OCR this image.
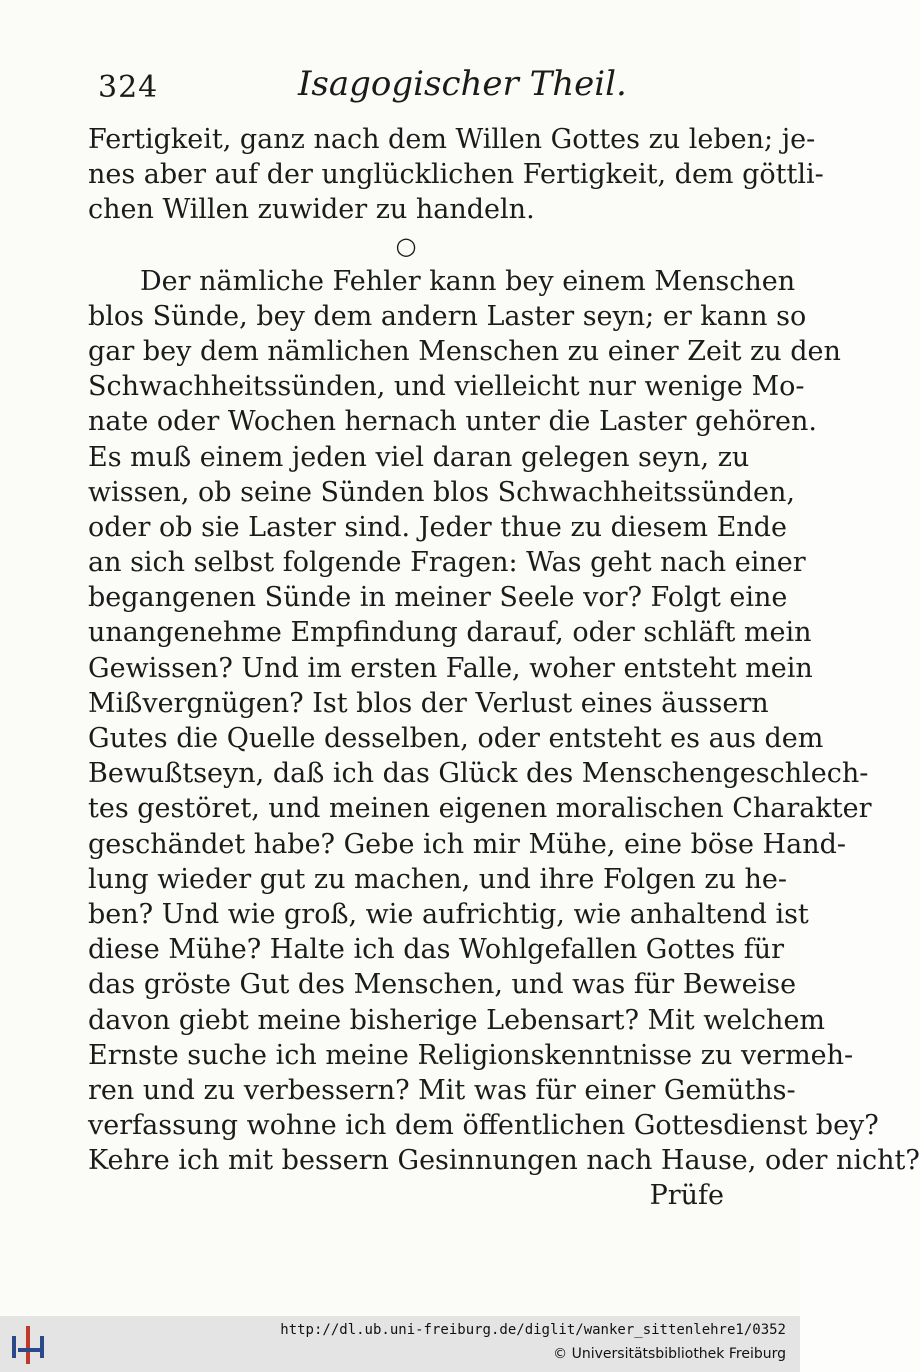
324	Isagogischer Theil.
Fertigkeit, ganz nach dem Willen Gottes zu leben; je-
nes aber auf der unglücklichen Fertigkeit, dem göttli-
chen Willen zuwider zu handeln.
○
Der nämliche Fehler kann bey einem Menschen
blos Sünde, bey dem andern Laster seyn; er kann so
gar bey dem nämlichen Menschen zu einer Zeit zu den
Schwachheitssünden, und vielleicht nur wenige Mo-
nate oder Wochen hernach unter die Laster gehören.
Es muß einem jeden viel daran gelegen seyn, zu
wissen, ob seine Sünden blos Schwachheitssünden,
oder ob sie Laster sind. Jeder thue zu diesem Ende
an sich selbst folgende Fragen: Was geht nach einer
begangenen Sünde in meiner Seele vor? Folgt eine
unangenehme Empfindung darauf, oder schläft mein
Gewissen? Und im ersten Falle, woher entsteht mein
Mißvergnügen? Ist blos der Verlust eines äussern
Gutes die Quelle desselben, oder entsteht es aus dem
Bewußtseyn, daß ich das Glück des Menschengeschlech-
tes gestöret, und meinen eigenen moralischen Charakter
geschändet habe? Gebe ich mir Mühe, eine böse Hand-
lung wieder gut zu machen, und ihre Folgen zu he-
ben? Und wie groß, wie aufrichtig, wie anhaltend ist
diese Mühe? Halte ich das Wohlgefallen Gottes für
das gröste Gut des Menschen, und was für Beweise
davon giebt meine bisherige Lebensart? Mit welchem
Ernste suche ich meine Religionskenntnisse zu vermeh-
ren und zu verbessern? Mit was für einer Gemüths-
verfassung wohne ich dem öffentlichen Gottesdienst bey?
Kehre ich mit bessern Gesinnungen nach Hause, oder nicht?
Prüfe
http://dl.ub.uni-freiburg.de/diglit/wanker_sittenlehre1/0352
© Universitätsbibliothek Freiburg
